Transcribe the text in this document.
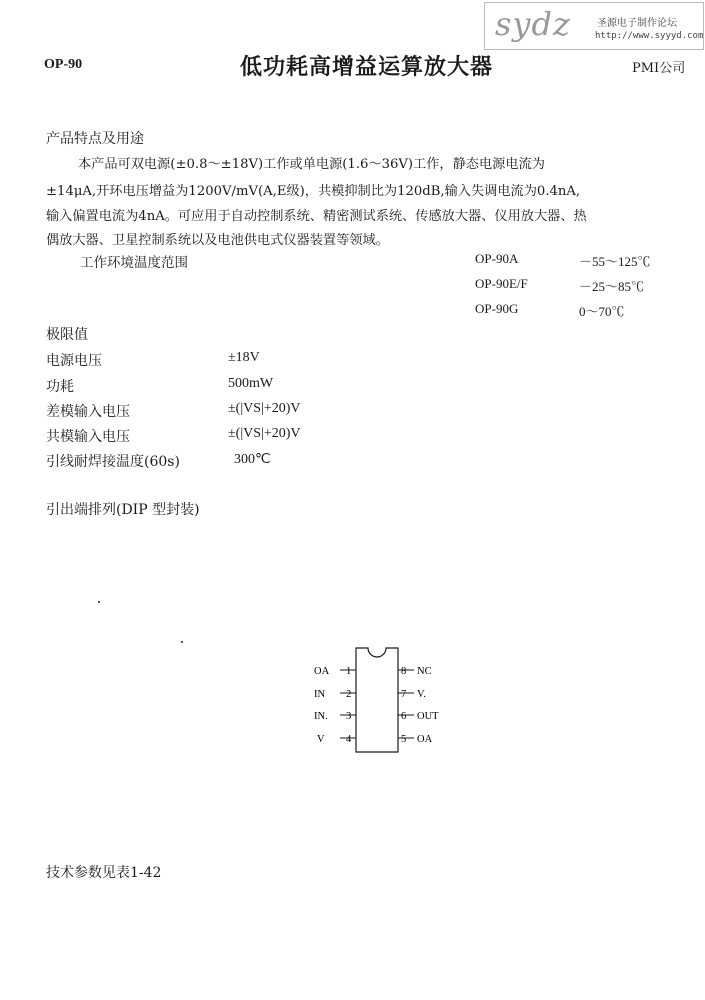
OP-90	低功耗高增益运算放大器	PMI公司
sydz	圣源电子制作论坛
http://www.syyyd.com
产品特点及用途
本产品可双电源(±0.8～±18V)工作或单电源(1.6～36V)工作，静态电源电流为
±14μA,开环电压增益为1200V/mV(A,E级)，共模抑制比为120dB,输入失调电流为0.4nA,
输入偏置电流为4nA。可应用于自动控制系统、精密测试系统、传感放大器、仪用放大器、热
偶放大器、卫星控制系统以及电池供电式仪器装置等领域。
工作环境温度范围	OP-90A	－55～125℃
OP-90E/F	－25～85℃
OP-90G	0～70℃
极限值
电源电压	±18V
功耗	500mW
差模输入电压	±(|VS|+20)V
共模输入电压	±(|VS|+20)V
引线耐焊接温度(60s)	300℃
引出端排列(DIP 型封装)
OA
IN
IN.
V
1
2
3
4
8
7
6
5
NC
V.
OUT
OA
技术参数见表1-42
